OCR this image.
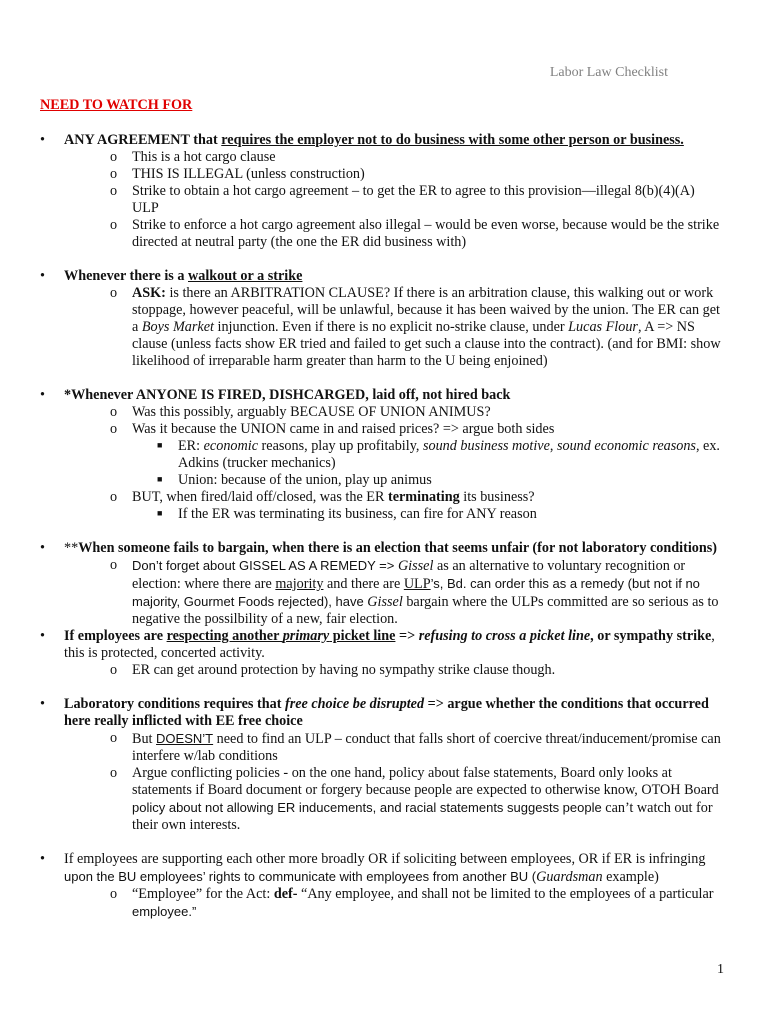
Labor Law Checklist
NEED TO WATCH FOR
• ANY AGREEMENT that requires the employer not to do business with some other person or business.
o This is a hot cargo clause
o THIS IS ILLEGAL (unless construction)
o Strike to obtain a hot cargo agreement – to get the ER to agree to this provision—illegal 8(b)(4)(A) ULP
o Strike to enforce a hot cargo agreement also illegal – would be even worse, because would be the strike directed at neutral party (the one the ER did business with)
• Whenever there is a walkout or a strike
o ASK: is there an ARBITRATION CLAUSE? If there is an arbitration clause, this walking out or work stoppage, however peaceful, will be unlawful, because it has been waived by the union. The ER can get a Boys Market injunction. Even if there is no explicit no-strike clause, under Lucas Flour, A => NS clause (unless facts show ER tried and failed to get such a clause into the contract). (and for BMI: show likelihood of irreparable harm greater than harm to the U being enjoined)
• *Whenever ANYONE IS FIRED, DISHCARGED, laid off, not hired back
o Was this possibly, arguably BECAUSE OF UNION ANIMUS?
o Was it because the UNION came in and raised prices? => argue both sides
■ ER: economic reasons, play up profitabily, sound business motive, sound economic reasons, ex. Adkins (trucker mechanics)
■ Union: because of the union, play up animus
o BUT, when fired/laid off/closed, was the ER terminating its business?
■ If the ER was terminating its business, can fire for ANY reason
• **When someone fails to bargain, when there is an election that seems unfair (for not laboratory conditions)
o Don’t forget about GISSEL AS A REMEDY => Gissel as an alternative to voluntary recognition or election: where there are majority and there are ULP’s, Bd. can order this as a remedy (but not if no majority, Gourmet Foods rejected), have Gissel bargain where the ULPs committed are so serious as to negative the possilbility of a new, fair election.
• If employees are respecting another primary picket line => refusing to cross a picket line, or sympathy strike, this is protected, concerted activity.
o ER can get around protection by having no sympathy strike clause though.
• Laboratory conditions requires that free choice be disrupted => argue whether the conditions that occurred here really inflicted with EE free choice
o But DOESN’T need to find an ULP – conduct that falls short of coercive threat/inducement/promise can interfere w/lab conditions
o Argue conflicting policies - on the one hand, policy about false statements, Board only looks at statements if Board document or forgery because people are expected to otherwise know, OTOH Board policy about not allowing ER inducements, and racial statements suggests people can’t watch out for their own interests.
• If employees are supporting each other more broadly OR if soliciting between employees, OR if ER is infringing upon the BU employees’ rights to communicate with employees from another BU (Guardsman example)
o “Employee” for the Act: def- “Any employee, and shall not be limited to the employees of a particular employee.”
1
